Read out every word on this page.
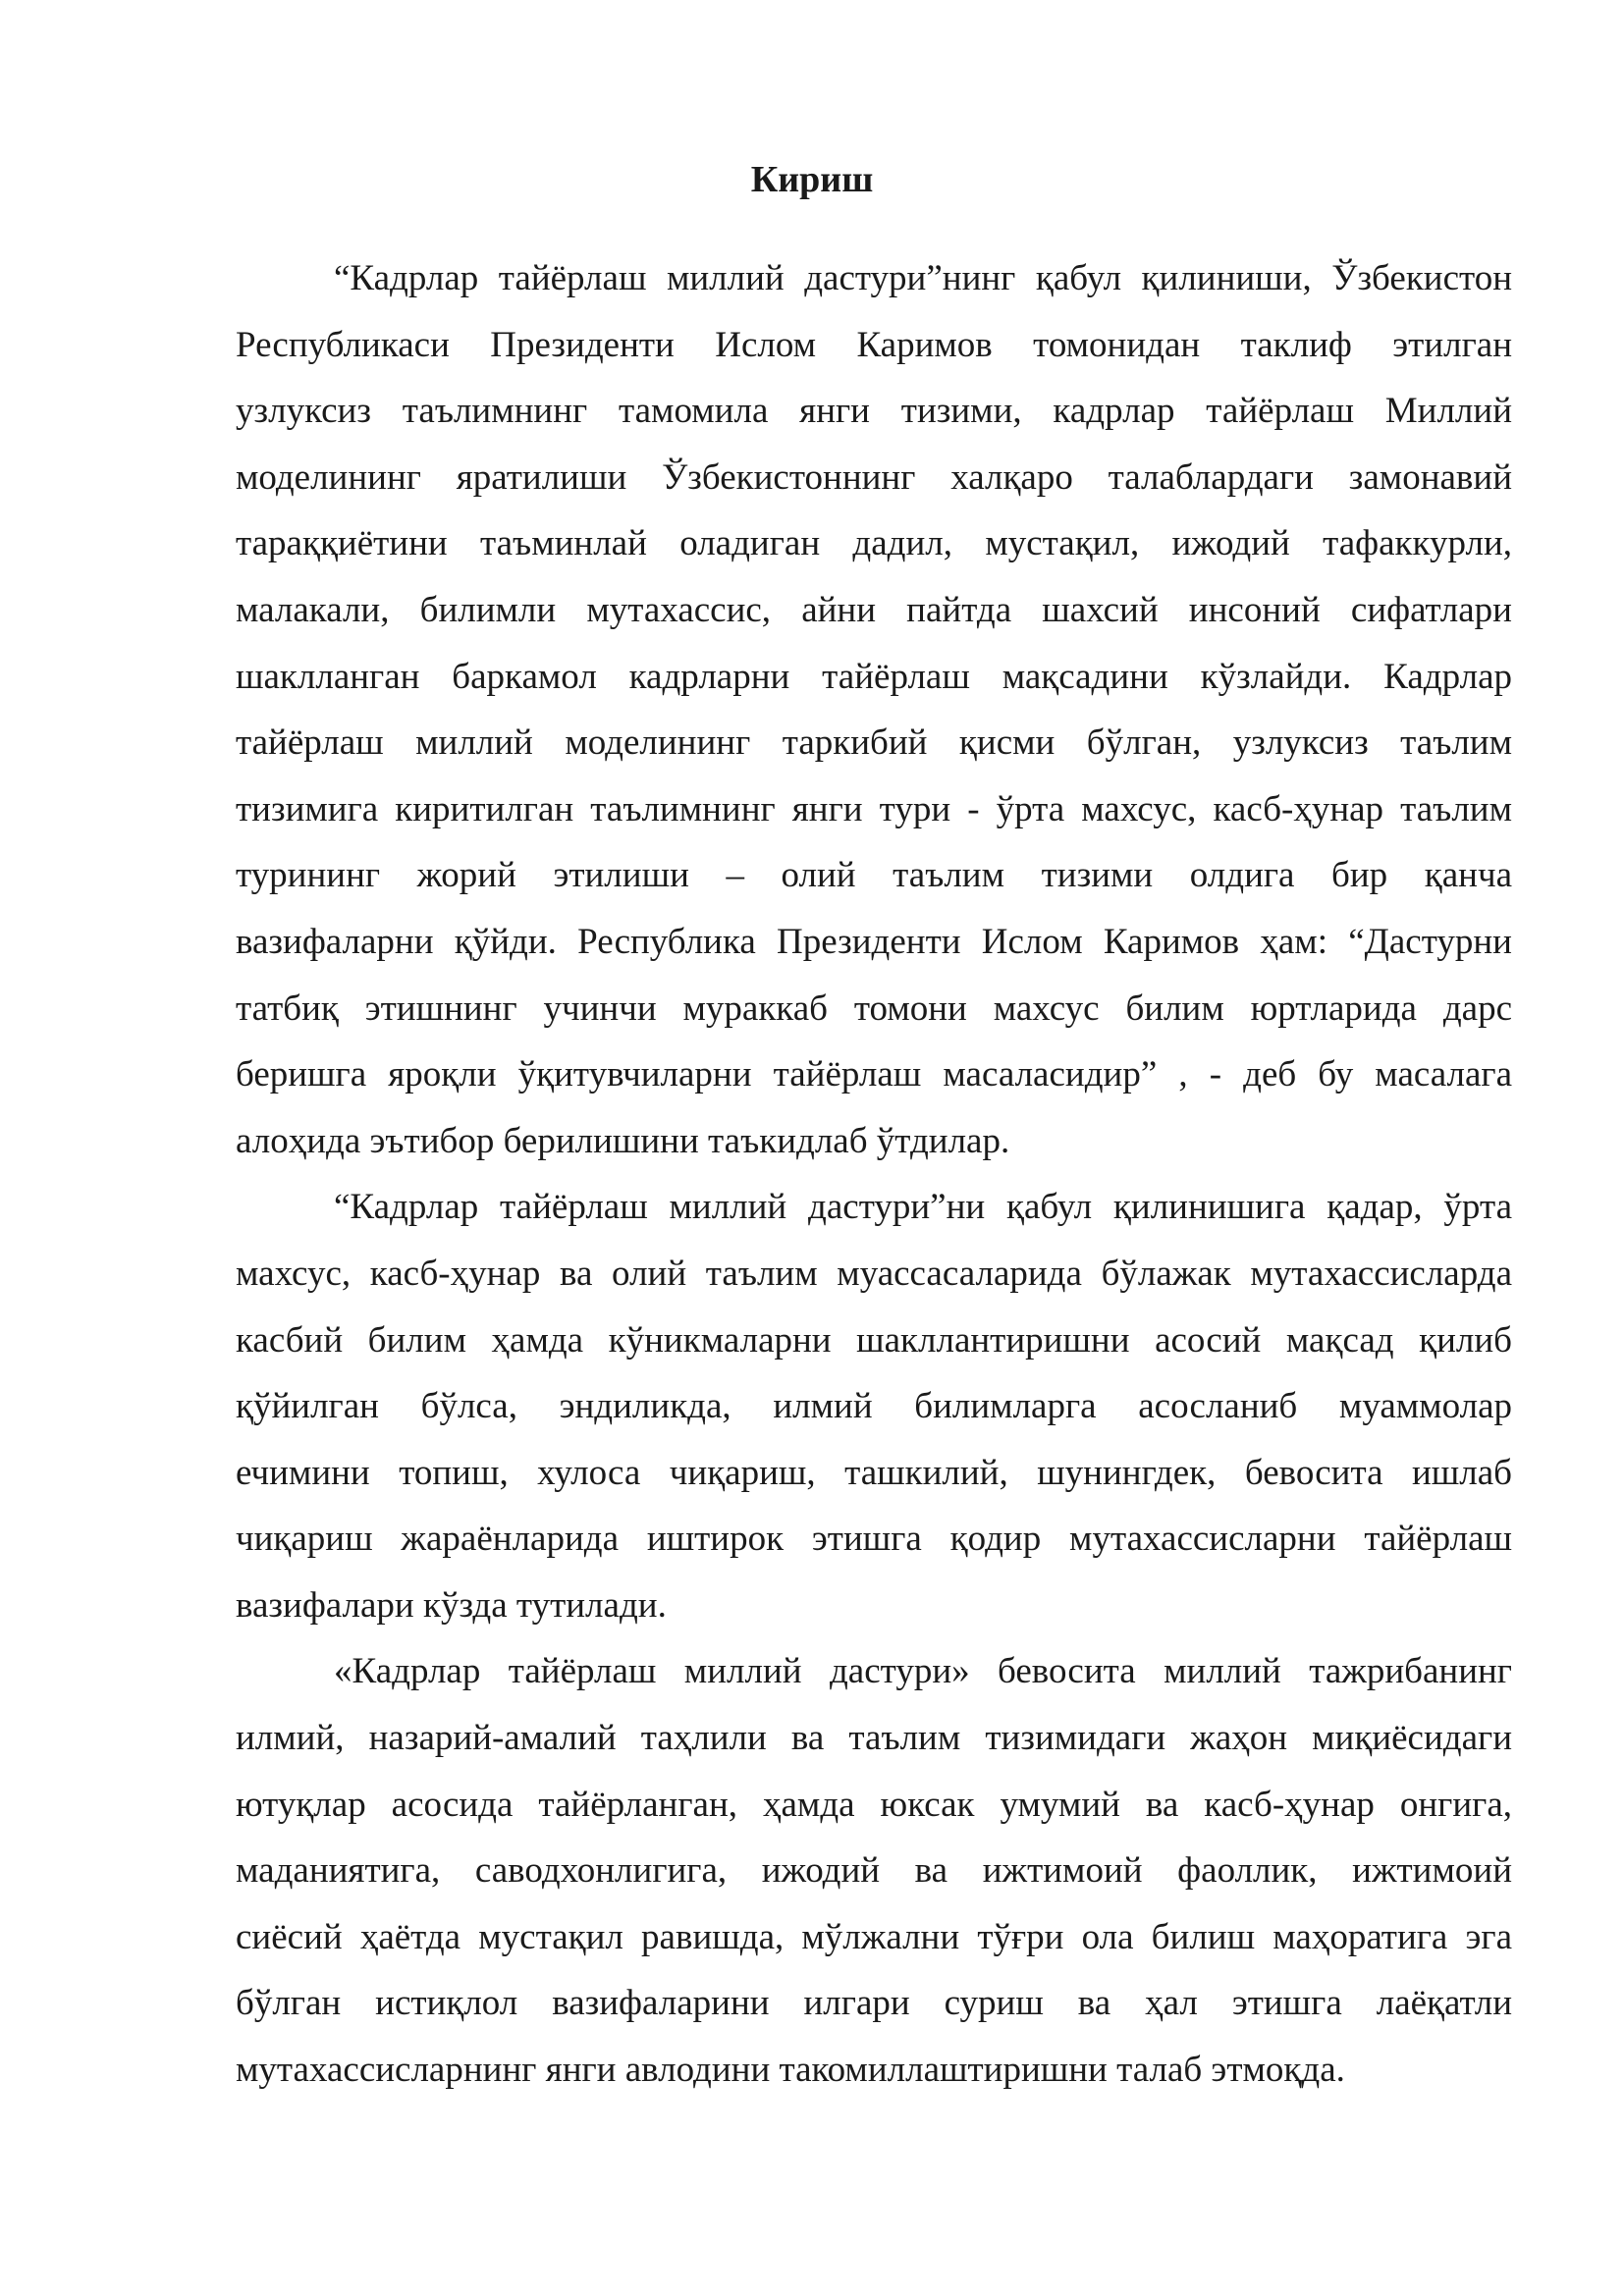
Кириш
“Кадрлар тайёрлаш миллий дастури”нинг қабул қилиниши, Ўзбекистон
Республикаси Президенти Ислом Каримов томонидан таклиф этилган
узлуксиз таълимнинг тамомила янги тизими, кадрлар тайёрлаш Миллий
моделининг яратилиши Ўзбекистоннинг халқаро талаблардаги замонавий
тараққиётини таъминлай оладиган дадил, мустақил, ижодий тафаккурли,
малакали, билимли мутахассис, айни пайтда шахсий инсоний сифатлари
шаклланган баркамол кадрларни тайёрлаш мақсадини кўзлайди. Кадрлар
тайёрлаш миллий моделининг таркибий қисми бўлган, узлуксиз таълим
тизимига киритилган таълимнинг янги тури - ўрта махсус, касб-ҳунар таълим
турининг жорий этилиши – олий таълим тизими олдига бир қанча
вазифаларни қўйди. Республика Президенти Ислом Каримов ҳам: “Дастурни
татбиқ этишнинг учинчи мураккаб томони махсус билим юртларида дарс
беришга яроқли ўқитувчиларни тайёрлаш масаласидир” , - деб бу масалага
алоҳида эътибор берилишини таъкидлаб ўтдилар.
“Кадрлар тайёрлаш миллий дастури”ни қабул қилинишига қадар, ўрта
махсус, касб-ҳунар ва олий таълим муассасаларида бўлажак мутахассисларда
касбий билим ҳамда кўникмаларни шакллантиришни асосий мақсад қилиб
қўйилган бўлса, эндиликда, илмий билимларга асосланиб муаммолар
ечимини топиш, хулоса чиқариш, ташкилий, шунингдек, бевосита ишлаб
чиқариш жараёнларида иштирок этишга қодир мутахассисларни тайёрлаш
вазифалари кўзда тутилади.
«Кадрлар тайёрлаш миллий дастури» бевосита миллий тажрибанинг
илмий, назарий-амалий таҳлили ва таълим тизимидаги жаҳон миқиёсидаги
ютуқлар асосида тайёрланган, ҳамда юксак умумий ва касб-ҳунар онгига,
маданиятига, саводхонлигига, ижодий ва ижтимоий фаоллик, ижтимоий
сиёсий ҳаётда мустақил равишда, мўлжални тўғри ола билиш маҳоратига эга
бўлган истиқлол вазифаларини илгари суриш ва ҳал этишга лаёқатли
мутахассисларнинг янги авлодини такомиллаштиришни талаб этмоқда.
